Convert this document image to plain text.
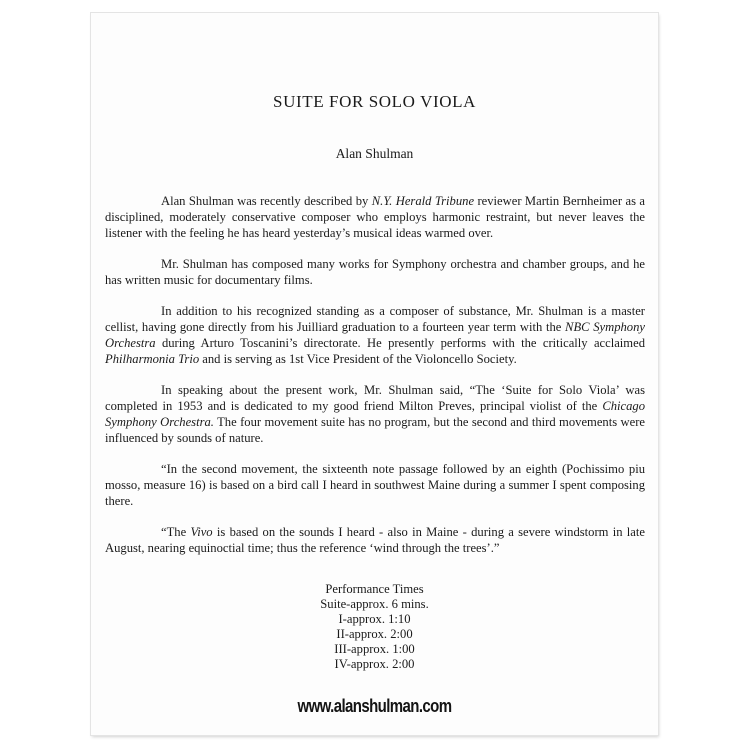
SUITE FOR SOLO VIOLA
Alan Shulman

Alan Shulman was recently described by N.Y. Herald Tribune reviewer Martin Bernheimer as a disciplined, moderately conservative composer who employs harmonic restraint, but never leaves the listener with the feeling he has heard yesterday’s musical ideas warmed over.

Mr. Shulman has composed many works for Symphony orchestra and chamber groups, and he has written music for documentary films.

In addition to his recognized standing as a composer of substance, Mr. Shulman is a master cellist, having gone directly from his Juilliard graduation to a fourteen year term with the NBC Symphony Orchestra during Arturo Toscanini’s directorate. He presently performs with the critically acclaimed Philharmonia Trio and is serving as 1st Vice President of the Violoncello Society.

In speaking about the present work, Mr. Shulman said, “The ‘Suite for Solo Viola’ was completed in 1953 and is dedicated to my good friend Milton Preves, principal violist of the Chicago Symphony Orchestra. The four movement suite has no program, but the second and third movements were influenced by sounds of nature.

“In the second movement, the sixteenth note passage followed by an eighth (Pochissimo piu mosso, measure 16) is based on a bird call I heard in southwest Maine during a summer I spent composing there.

“The Vivo is based on the sounds I heard - also in Maine - during a severe windstorm in late August, nearing equinoctial time; thus the reference ‘wind through the trees’.”

Performance Times
Suite-approx. 6 mins.
I-approx. 1:10
II-approx. 2:00
III-approx. 1:00
IV-approx. 2:00
www.alanshulman.com
